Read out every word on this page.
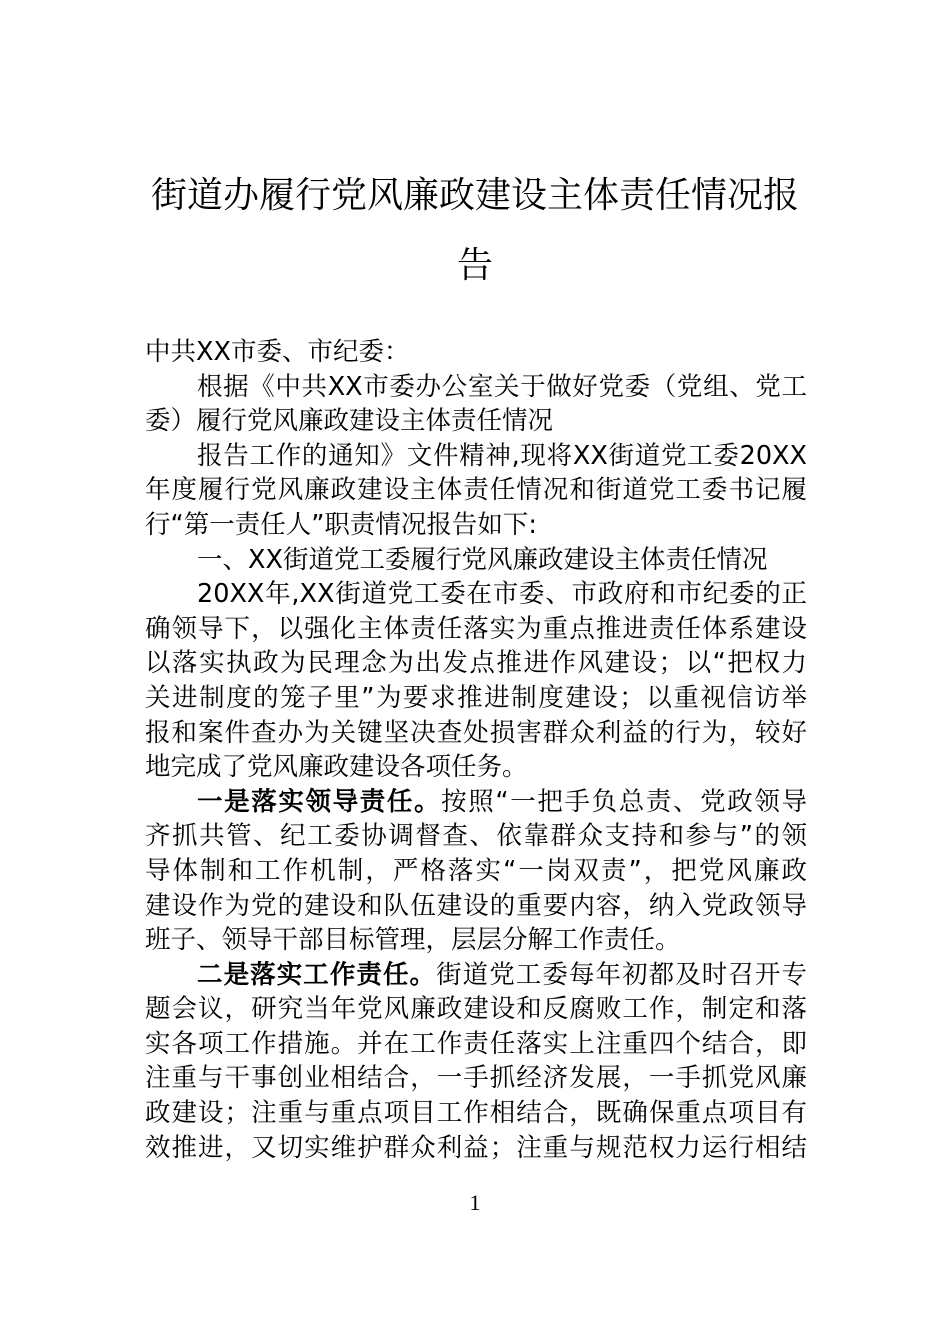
街道办履行党风廉政建设主体责任情况报
告
中共XX市委、市纪委：
根据《中共XX市委办公室关于做好党委（党组、党工
委）履行党风廉政建设主体责任情况
报告工作的通知》文件精神,现将XX街道党工委20XX
年度履行党风廉政建设主体责任情况和街道党工委书记履
行“第一责任人”职责情况报告如下:
一、XX街道党工委履行党风廉政建设主体责任情况
20XX年,XX街道党工委在市委、市政府和市纪委的正
确领导下，以强化主体责任落实为重点推进责任体系建设
以落实执政为民理念为出发点推进作风建设；以“把权力
关进制度的笼子里”为要求推进制度建设；以重视信访举
报和案件查办为关键坚决查处损害群众利益的行为，较好
地完成了党风廉政建设各项任务。
一是落实领导责任。按照“一把手负总责、党政领导
齐抓共管、纪工委协调督查、依靠群众支持和参与”的领
导体制和工作机制，严格落实“一岗双责”，把党风廉政
建设作为党的建设和队伍建设的重要内容，纳入党政领导
班子、领导干部目标管理，层层分解工作责任。
二是落实工作责任。街道党工委每年初都及时召开专
题会议，研究当年党风廉政建设和反腐败工作，制定和落
实各项工作措施。并在工作责任落实上注重四个结合，即
注重与干事创业相结合，一手抓经济发展，一手抓党风廉
政建设；注重与重点项目工作相结合，既确保重点项目有
效推进，又切实维护群众利益；注重与规范权力运行相结
1
